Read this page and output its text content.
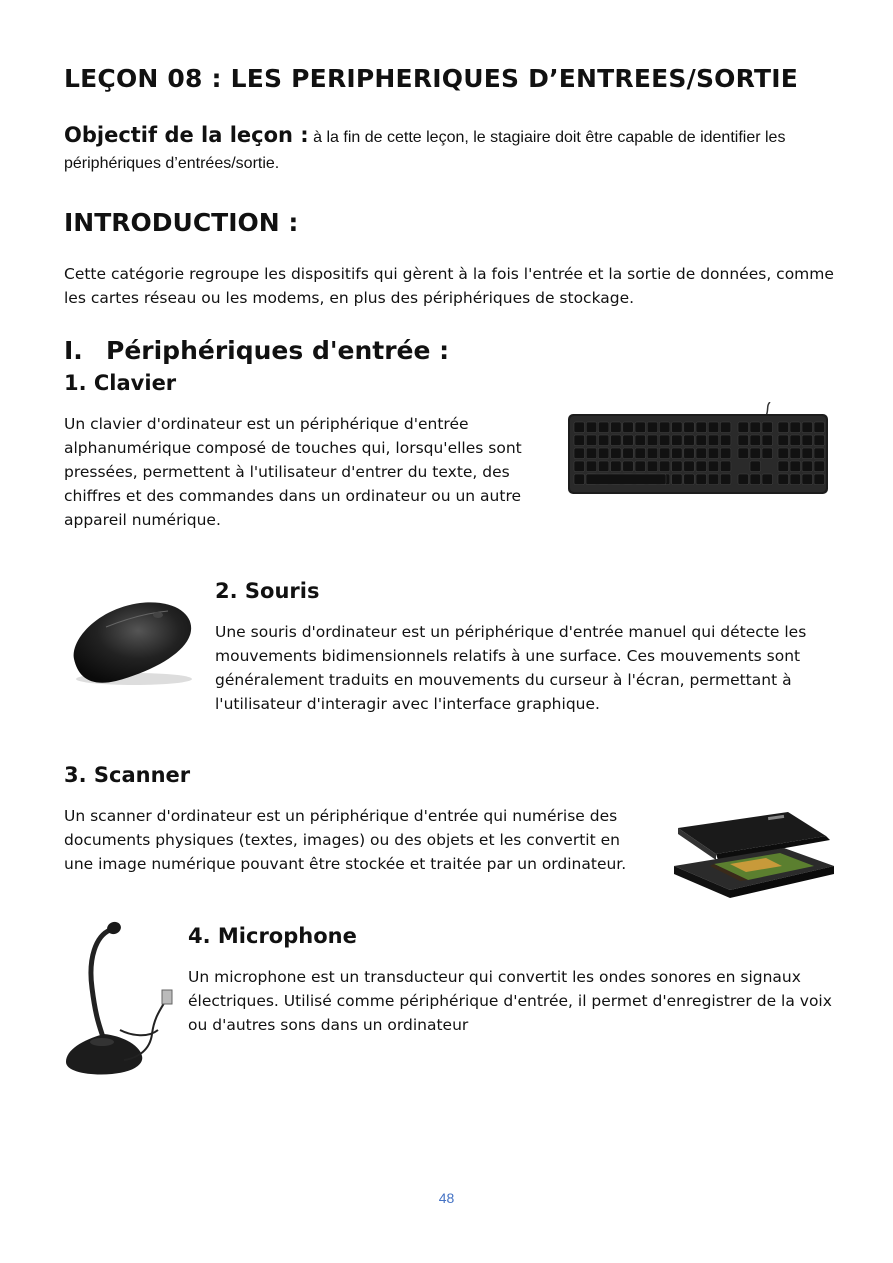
LEÇON 08 : LES PERIPHERIQUES D’ENTREES/SORTIE
Objectif de la leçon : à la fin de cette leçon, le stagiaire doit être capable de identifier les périphériques d’entrées/sortie.
INTRODUCTION :
Cette catégorie regroupe les dispositifs qui gèrent à la fois l'entrée et la sortie de données, comme les cartes réseau ou les modems, en plus des périphériques de stockage.
I. Périphériques d'entrée :
1. Clavier
Un clavier d'ordinateur est un périphérique d'entrée alphanumérique composé de touches qui, lorsqu'elles sont pressées, permettent à l'utilisateur d'entrer du texte, des chiffres et des commandes dans un ordinateur ou un autre appareil numérique.
2. Souris
Une souris d'ordinateur est un périphérique d'entrée manuel qui détecte les mouvements bidimensionnels relatifs à une surface. Ces mouvements sont généralement traduits en mouvements du curseur à l'écran, permettant à l'utilisateur d'interagir avec l'interface graphique.
3. Scanner
Un scanner d'ordinateur est un périphérique d'entrée qui numérise des documents physiques (textes, images) ou des objets et les convertit en une image numérique pouvant être stockée et traitée par un ordinateur.
4. Microphone
Un microphone est un transducteur qui convertit les ondes sonores en signaux électriques. Utilisé comme périphérique d'entrée, il permet d'enregistrer de la voix ou d'autres sons dans un ordinateur
48
